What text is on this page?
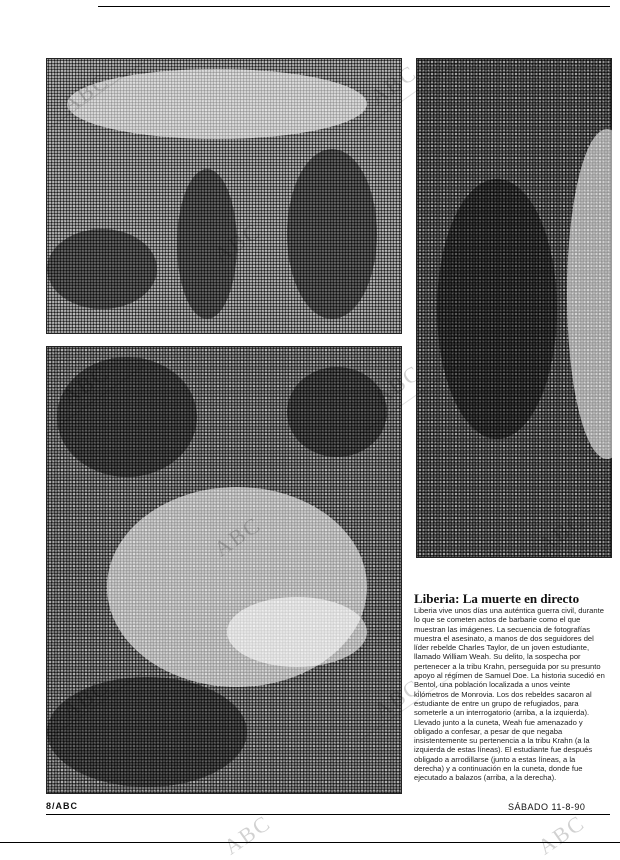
ABC	ABC
Liberia: La muerte en directo

Liberia vive unos días una auténtica guerra civil, durante lo que se cometen actos de barbarie como el que muestran las imágenes. La secuencia de fotografías muestra el asesinato, a manos de dos seguidores del líder rebelde Charles Taylor, de un joven estudiante, llamado William Weah. Su delito, la sospecha por pertenecer a la tribu Krahn, perseguida por su presunto apoyo al régimen de Samuel Doe. La historia sucedió en Bentol, una población localizada a unos veinte kilómetros de Monrovia. Los dos rebeldes sacaron al estudiante de entre un grupo de refugiados, para someterle a un interrogatorio (arriba, a la izquierda). Llevado junto a la cuneta, Weah fue amenazado y obligado a confesar, a pesar de que negaba insistentemente su pertenencia a la tribu Krahn (a la izquierda de estas líneas). El estudiante fue después obligado a arrodillarse (junto a estas líneas, a la derecha) y a continuación en la cuneta, donde fue ejecutado a balazos (arriba, a la derecha).

8/ABC	SÁBADO 11-8-90
